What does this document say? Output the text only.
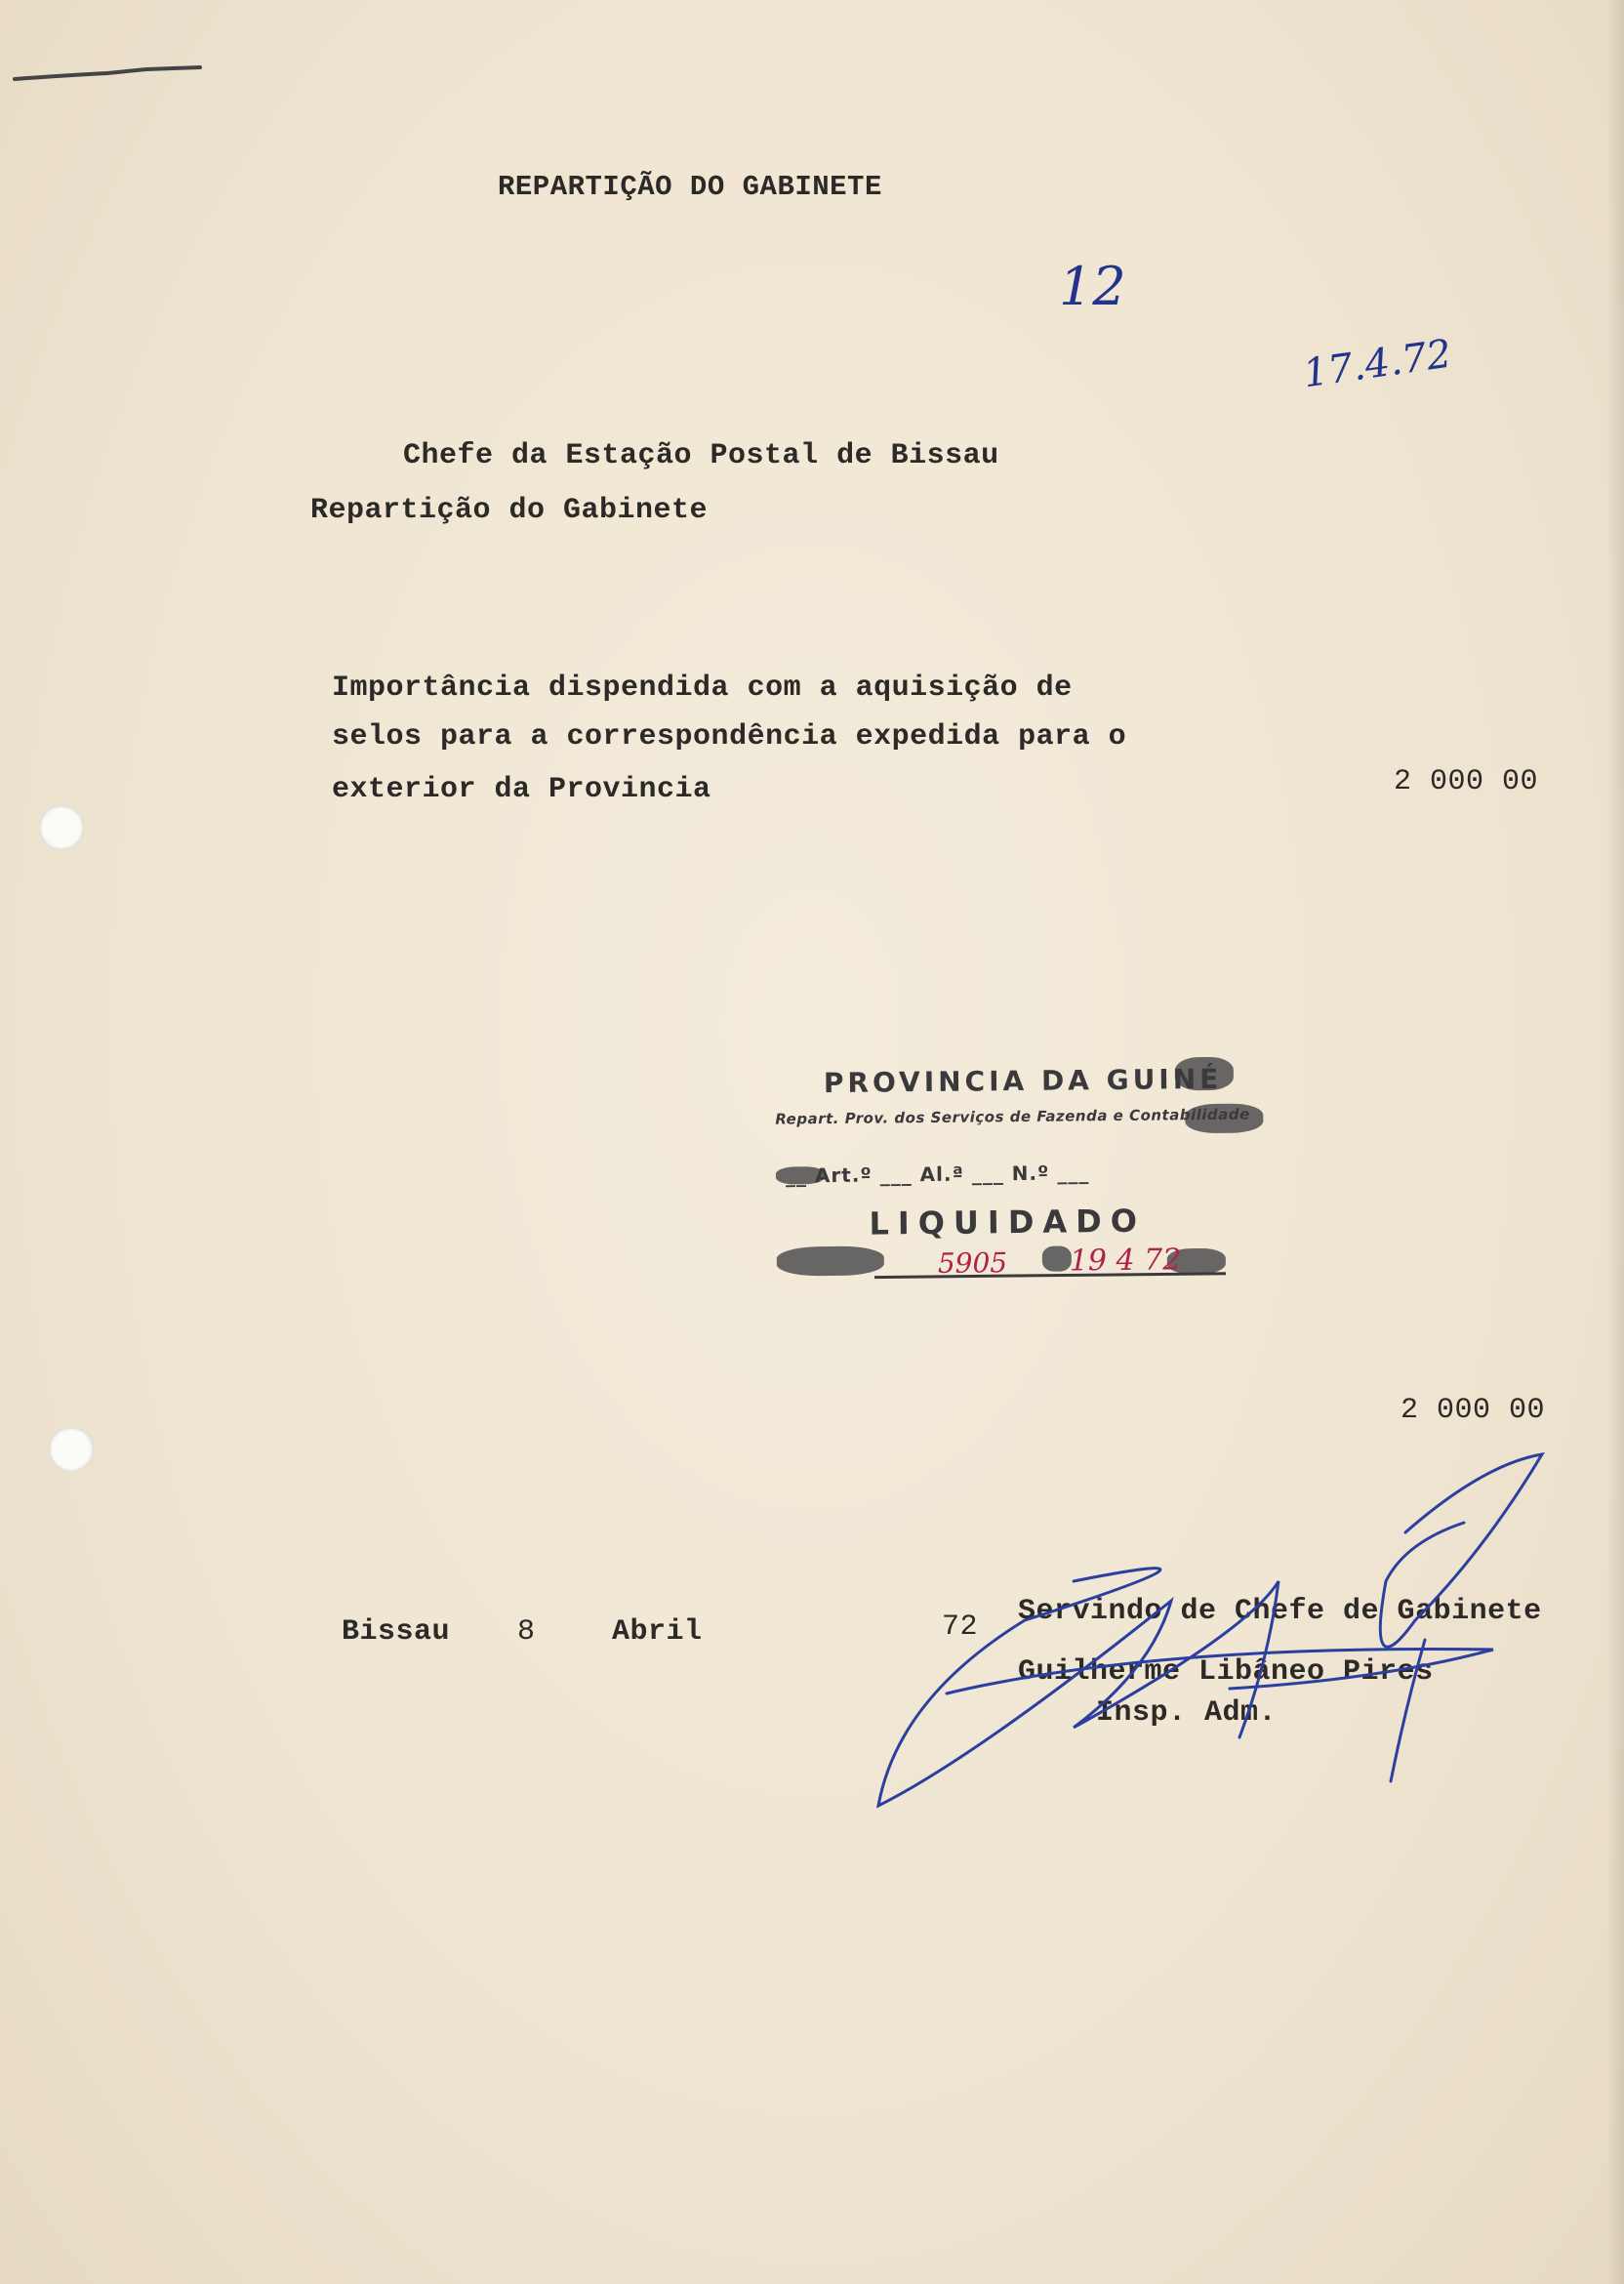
REPARTIÇÃO DO GABINETE
12
17.4.72
Chefe da Estação Postal de Bissau
Repartição do Gabinete
Importância dispendida com a aquisição de
selos para a correspondência expedida para o
exterior da Provincia	2 000 00
PROVINCIA DA GUINÉ
Repart. Prov. dos Serviços de Fazenda e Contabilidade
__ Art.º ___ Al.ª ___ N.º ___
LIQUIDADO
5905 19 4 72
2 000 00
Bissau 8	Abril	72 Servindo de Chefe de Gabinete
Guilherme Libâneo Pires
Insp. Adm.
